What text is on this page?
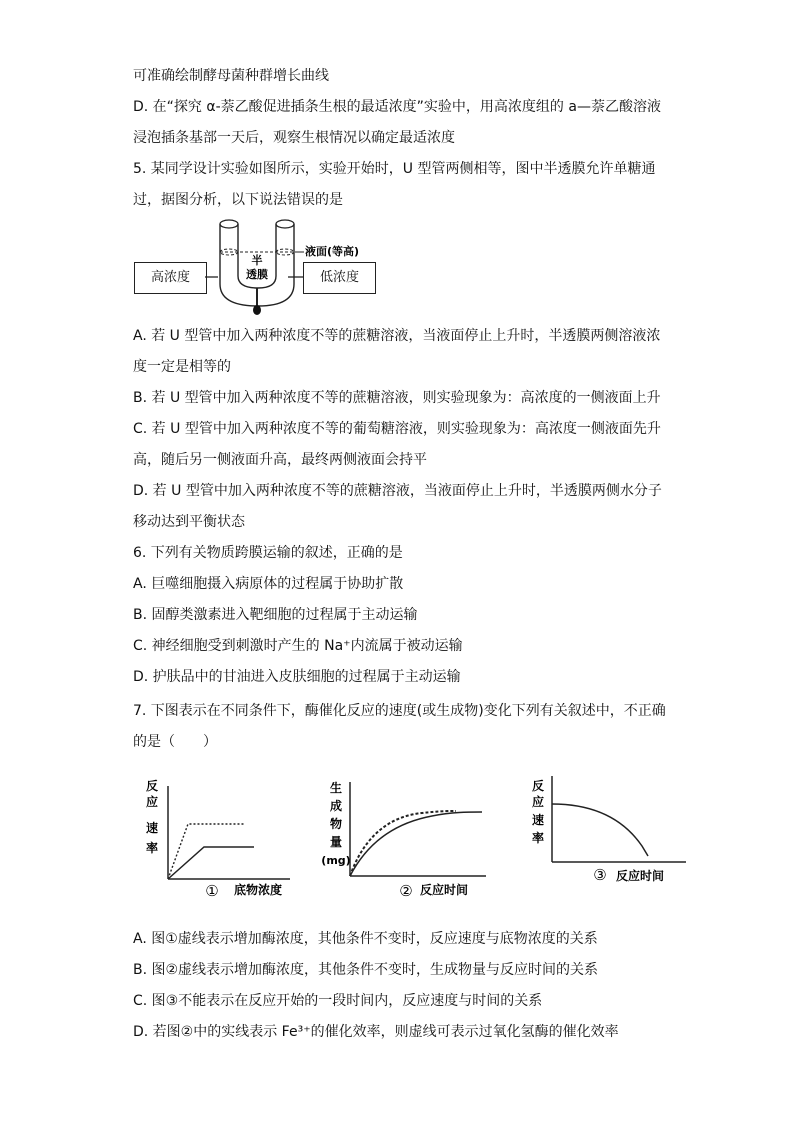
可准确绘制酵母菌种群增长曲线
D. 在“探究 α-萘乙酸促进插条生根的最适浓度”实验中，用高浓度组的 a—萘乙酸溶液
浸泡插条基部一天后，观察生根情况以确定最适浓度
5. 某同学设计实验如图所示，实验开始时，U 型管两侧相等，图中半透膜允许单糖通
过，据图分析，以下说法错误的是
高浓度	低浓度
半
透膜
液面(等高)
A. 若 U 型管中加入两种浓度不等的蔗糖溶液，当液面停止上升时，半透膜两侧溶液浓
度一定是相等的
B. 若 U 型管中加入两种浓度不等的蔗糖溶液，则实验现象为：高浓度的一侧液面上升
C. 若 U 型管中加入两种浓度不等的葡萄糖溶液，则实验现象为：高浓度一侧液面先升
高，随后另一侧液面升高，最终两侧液面会持平
D. 若 U 型管中加入两种浓度不等的蔗糖溶液，当液面停止上升时，半透膜两侧水分子
移动达到平衡状态
6. 下列有关物质跨膜运输的叙述，正确的是
A. 巨噬细胞摄入病原体的过程属于协助扩散
B. 固醇类激素进入靶细胞的过程属于主动运输
C. 神经细胞受到刺激时产生的 Na⁺内流属于被动运输
D. 护肤品中的甘油进入皮肤细胞的过程属于主动运输
7. 下图表示在不同条件下，酶催化反应的速度(或生成物)变化下列有关叙述中，不正确
的是（　　）
反
应
速
率
① 底物浓度
生
成
物
量
(mg)
② 反应时间
反
应
速
率
③ 反应时间
A. 图①虚线表示增加酶浓度，其他条件不变时，反应速度与底物浓度的关系
B. 图②虚线表示增加酶浓度，其他条件不变时，生成物量与反应时间的关系
C. 图③不能表示在反应开始的一段时间内，反应速度与时间的关系
D. 若图②中的实线表示 Fe³⁺的催化效率，则虚线可表示过氧化氢酶的催化效率
